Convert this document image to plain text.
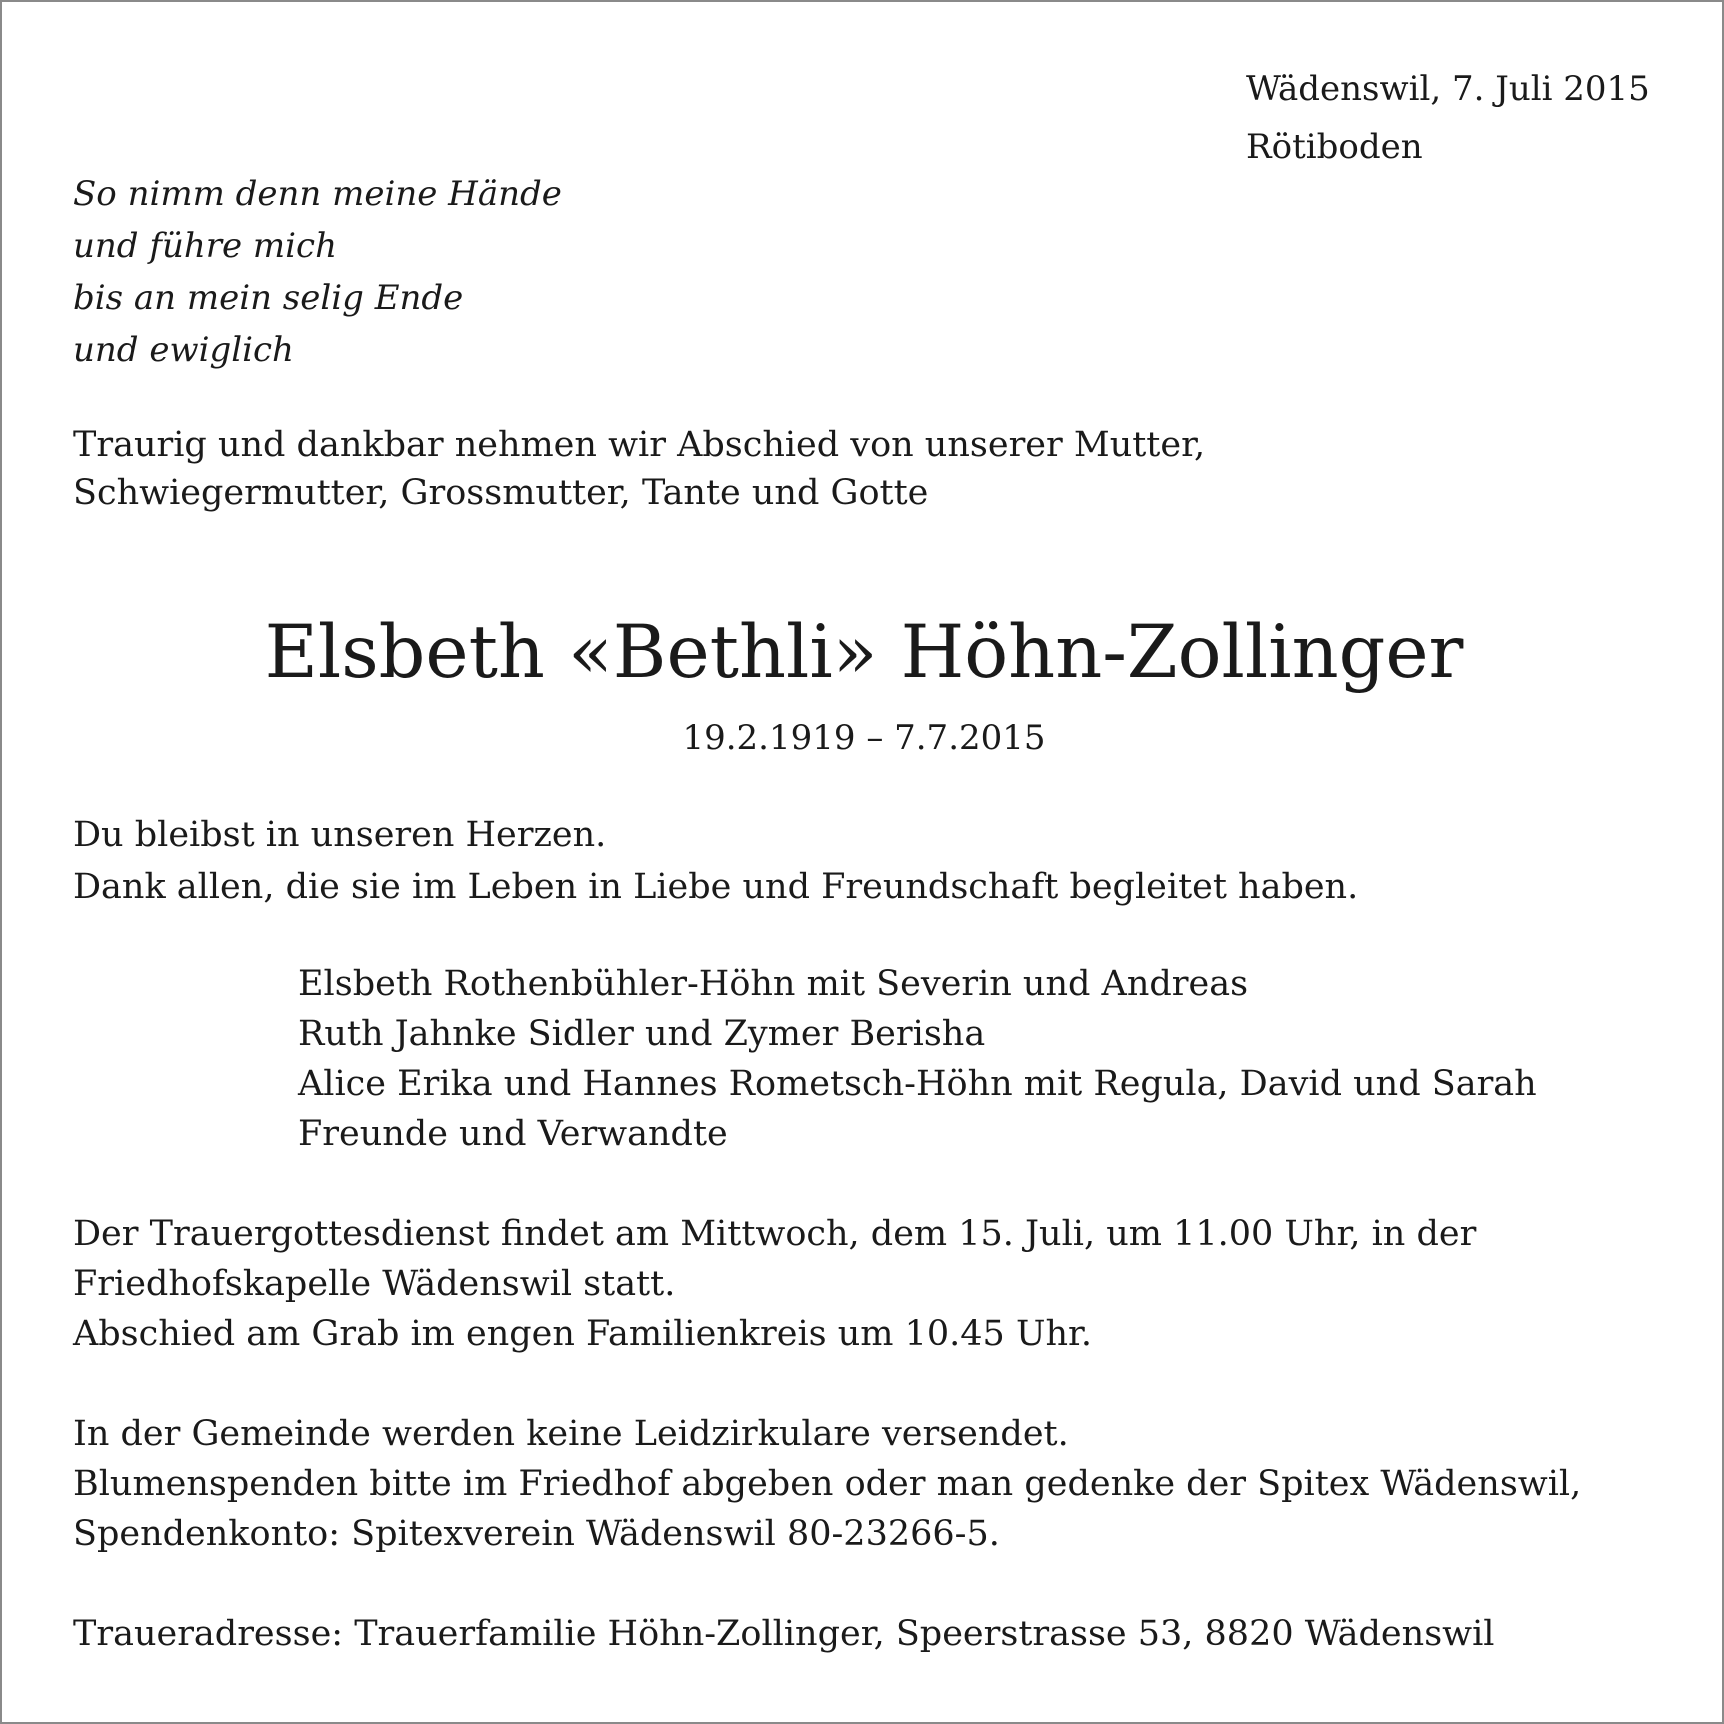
Wädenswil, 7. Juli 2015
Rötiboden
So nimm denn meine Hände
und führe mich
bis an mein selig Ende
und ewiglich
Traurig und dankbar nehmen wir Abschied von unserer Mutter,
Schwiegermutter, Grossmutter, Tante und Gotte
Elsbeth «Bethli» Höhn-Zollinger
19.2.1919 – 7.7.2015
Du bleibst in unseren Herzen.
Dank allen, die sie im Leben in Liebe und Freundschaft begleitet haben.
Elsbeth Rothenbühler-Höhn mit Severin und Andreas
Ruth Jahnke Sidler und Zymer Berisha
Alice Erika und Hannes Rometsch-Höhn mit Regula, David und Sarah
Freunde und Verwandte
Der Trauergottesdienst findet am Mittwoch, dem 15. Juli, um 11.00 Uhr, in der
Friedhofskapelle Wädenswil statt.
Abschied am Grab im engen Familienkreis um 10.45 Uhr.
In der Gemeinde werden keine Leidzirkulare versendet.
Blumenspenden bitte im Friedhof abgeben oder man gedenke der Spitex Wädenswil,
Spendenkonto: Spitexverein Wädenswil 80-23266-5.
Traueradresse: Trauerfamilie Höhn-Zollinger, Speerstrasse 53, 8820 Wädenswil
